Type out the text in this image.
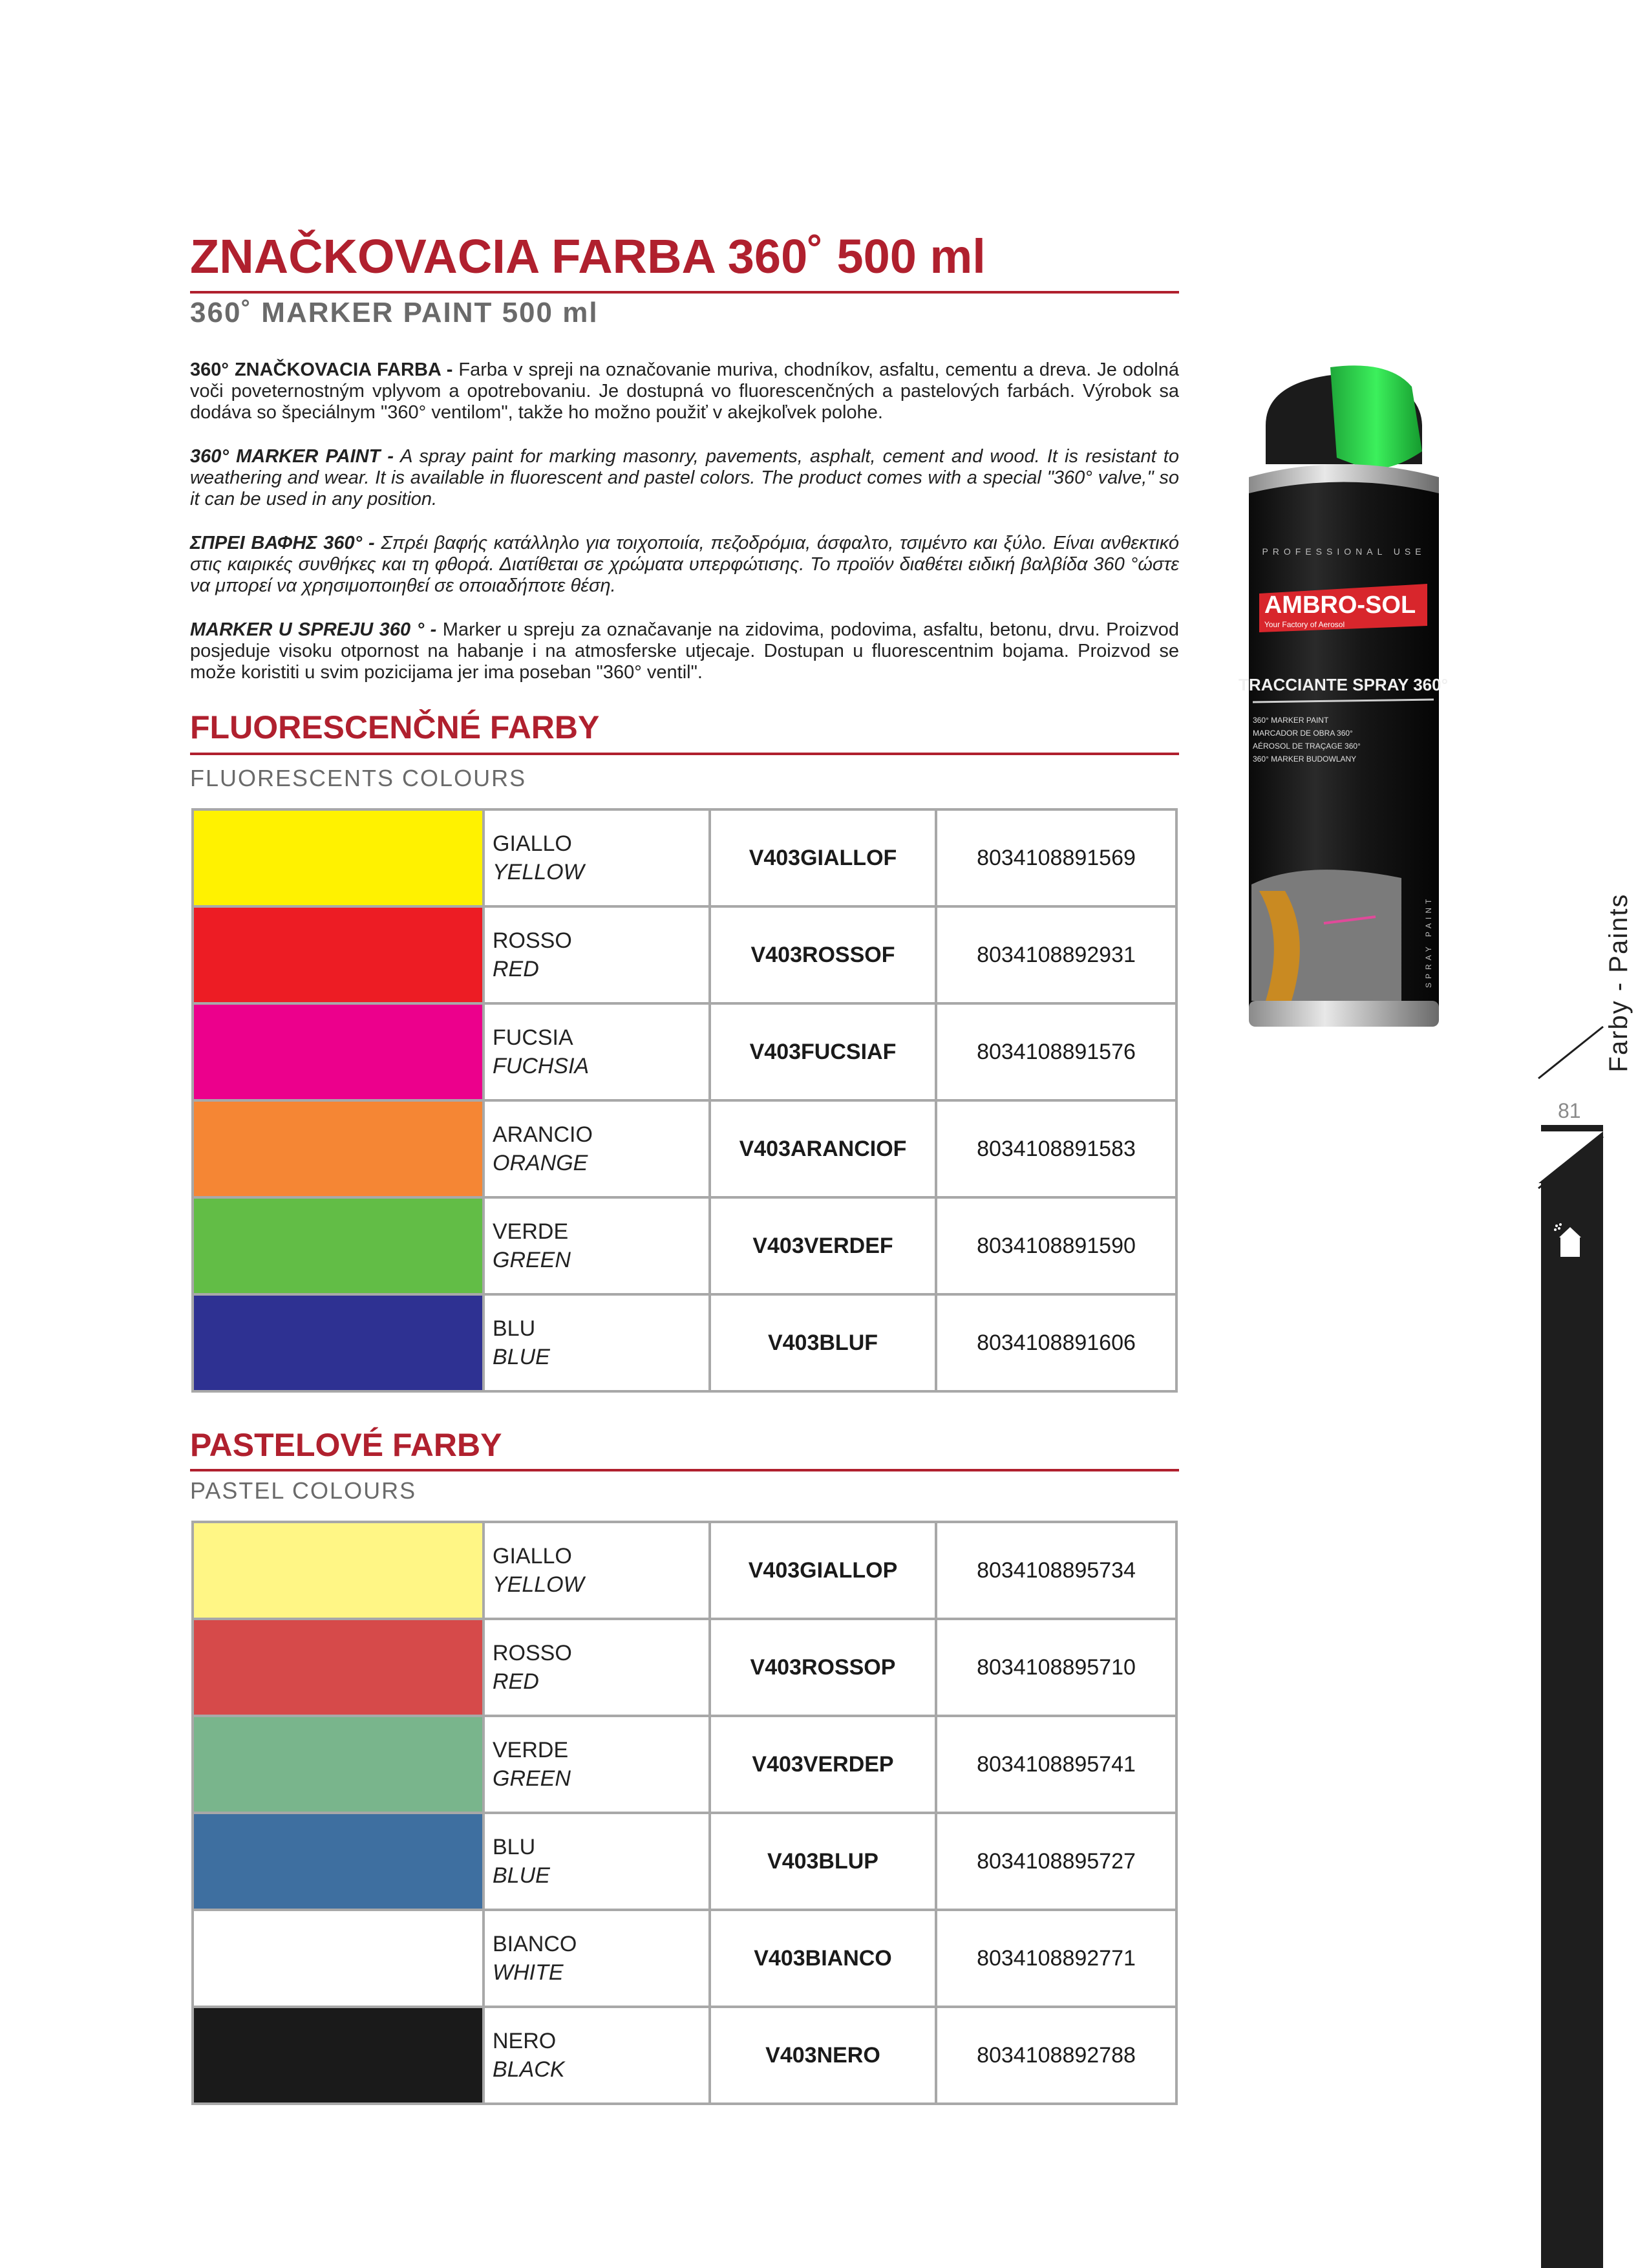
ZNAČKOVACIA FARBA 360˚ 500 ml
360˚ MARKER PAINT 500 ml

360° ZNAČKOVACIA FARBA - Farba v spreji na označovanie muriva, chodníkov, asfaltu, cementu a dreva. Je odolná voči poveternostným vplyvom a opotrebovaniu. Je dostupná vo fluorescenčných a pastelových farbách. Výrobok sa dodáva so špeciálnym "360° ventilom", takže ho možno použiť v akejkoľvek polohe.

360° MARKER PAINT - A spray paint for marking masonry, pavements, asphalt, cement and wood. It is resistant to weathering and wear. It is available in fluorescent and pastel colors. The product comes with a special "360° valve," so it can be used in any position.

ΣΠΡΕΙ ΒΑΦΗΣ 360° - Σπρέι βαφής κατάλληλο για τοιχοποιία, πεζοδρόμια, άσφαλτο, τσιμέντο και ξύλο. Είναι ανθεκτικό στις καιρικές συνθήκες και τη φθορά. Διατίθεται σε χρώματα υπερφώτισης. Το προϊόν διαθέτει ειδική βαλβίδα 360 °ώστε να μπορεί να χρησιμοποιηθεί σε οποιαδήποτε θέση.

MARKER U SPREJU 360 ° - Marker u spreju za označavanje na zidovima, podovima, asfaltu, betonu, drvu. Proizvod posjeduje visoku otpornost na habanje i na atmosferske utjecaje. Dostupan u fluorescentnim bojama. Proizvod se može koristiti u svim pozicijama jer ima poseban "360° ventil".

FLUORESCENČNÉ FARBY
FLUORESCENTS COLOURS

	GIALLO
YELLOW	V403GIALLOF	8034108891569

	ROSSO
RED	V403ROSSOF	8034108892931

	FUCSIA
FUCHSIA	V403FUCSIAF	8034108891576

	ARANCIO
ORANGE	V403ARANCIOF	8034108891583

	VERDE
GREEN	V403VERDEF	8034108891590

	BLU
BLUE	V403BLUF	8034108891606
PASTELOVÉ FARBY
PASTEL COLOURS

	GIALLO
YELLOW	V403GIALLOP	8034108895734

	ROSSO
RED	V403ROSSOP	8034108895710

	VERDE
GREEN	V403VERDEP	8034108895741

	BLU
BLUE	V403BLUP	8034108895727

	BIANCO
WHITE	V403BIANCO	8034108892771

	NERO
BLACK	V403NERO	8034108892788
PROFESSIONAL USE
AMBRO-SOL
Your Factory of Aerosol
TRACCIANTE SPRAY 360°
360° MARKER PAINT
MARCADOR DE OBRA 360°
AÉROSOL DE TRAÇAGE 360°
360° MARKER BUDOWLANY
SPRAY PAINT	Farby - Paints
81
